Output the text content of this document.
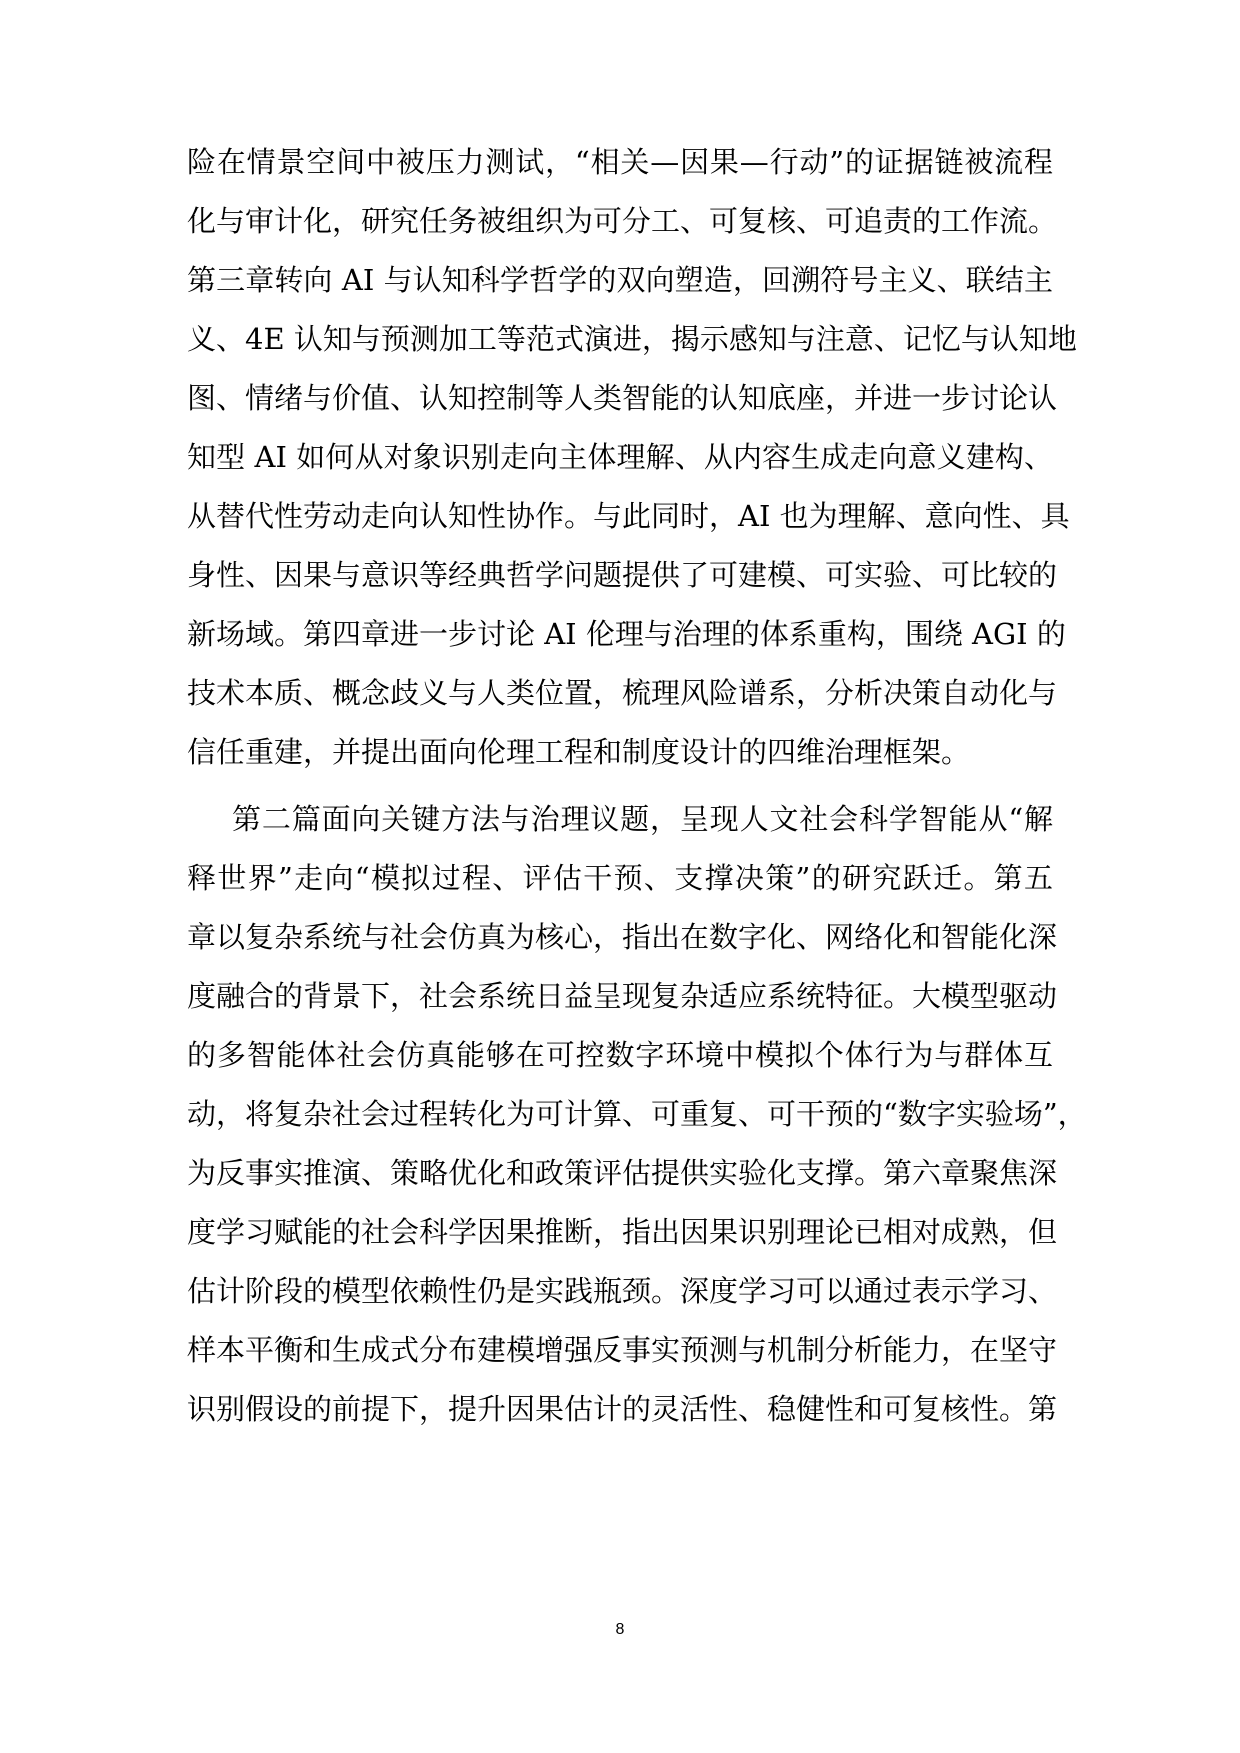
险在情景空间中被压力测试，“相关—因果—行动”的证据链被流程
化与审计化，研究任务被组织为可分工、可复核、可追责的工作流。
第三章转向 AI 与认知科学哲学的双向塑造，回溯符号主义、联结主
义、4E 认知与预测加工等范式演进，揭示感知与注意、记忆与认知地
图、情绪与价值、认知控制等人类智能的认知底座，并进一步讨论认
知型 AI 如何从对象识别走向主体理解、从内容生成走向意义建构、
从替代性劳动走向认知性协作。与此同时，AI 也为理解、意向性、具
身性、因果与意识等经典哲学问题提供了可建模、可实验、可比较的
新场域。第四章进一步讨论 AI 伦理与治理的体系重构，围绕 AGI 的
技术本质、概念歧义与人类位置，梳理风险谱系，分析决策自动化与
信任重建，并提出面向伦理工程和制度设计的四维治理框架。
第二篇面向关键方法与治理议题，呈现人文社会科学智能从“解
释世界”走向“模拟过程、评估干预、支撑决策”的研究跃迁。第五
章以复杂系统与社会仿真为核心，指出在数字化、网络化和智能化深
度融合的背景下，社会系统日益呈现复杂适应系统特征。大模型驱动
的多智能体社会仿真能够在可控数字环境中模拟个体行为与群体互
动，将复杂社会过程转化为可计算、可重复、可干预的“数字实验场”，
为反事实推演、策略优化和政策评估提供实验化支撑。第六章聚焦深
度学习赋能的社会科学因果推断，指出因果识别理论已相对成熟，但
估计阶段的模型依赖性仍是实践瓶颈。深度学习可以通过表示学习、
样本平衡和生成式分布建模增强反事实预测与机制分析能力，在坚守
识别假设的前提下，提升因果估计的灵活性、稳健性和可复核性。第
8
